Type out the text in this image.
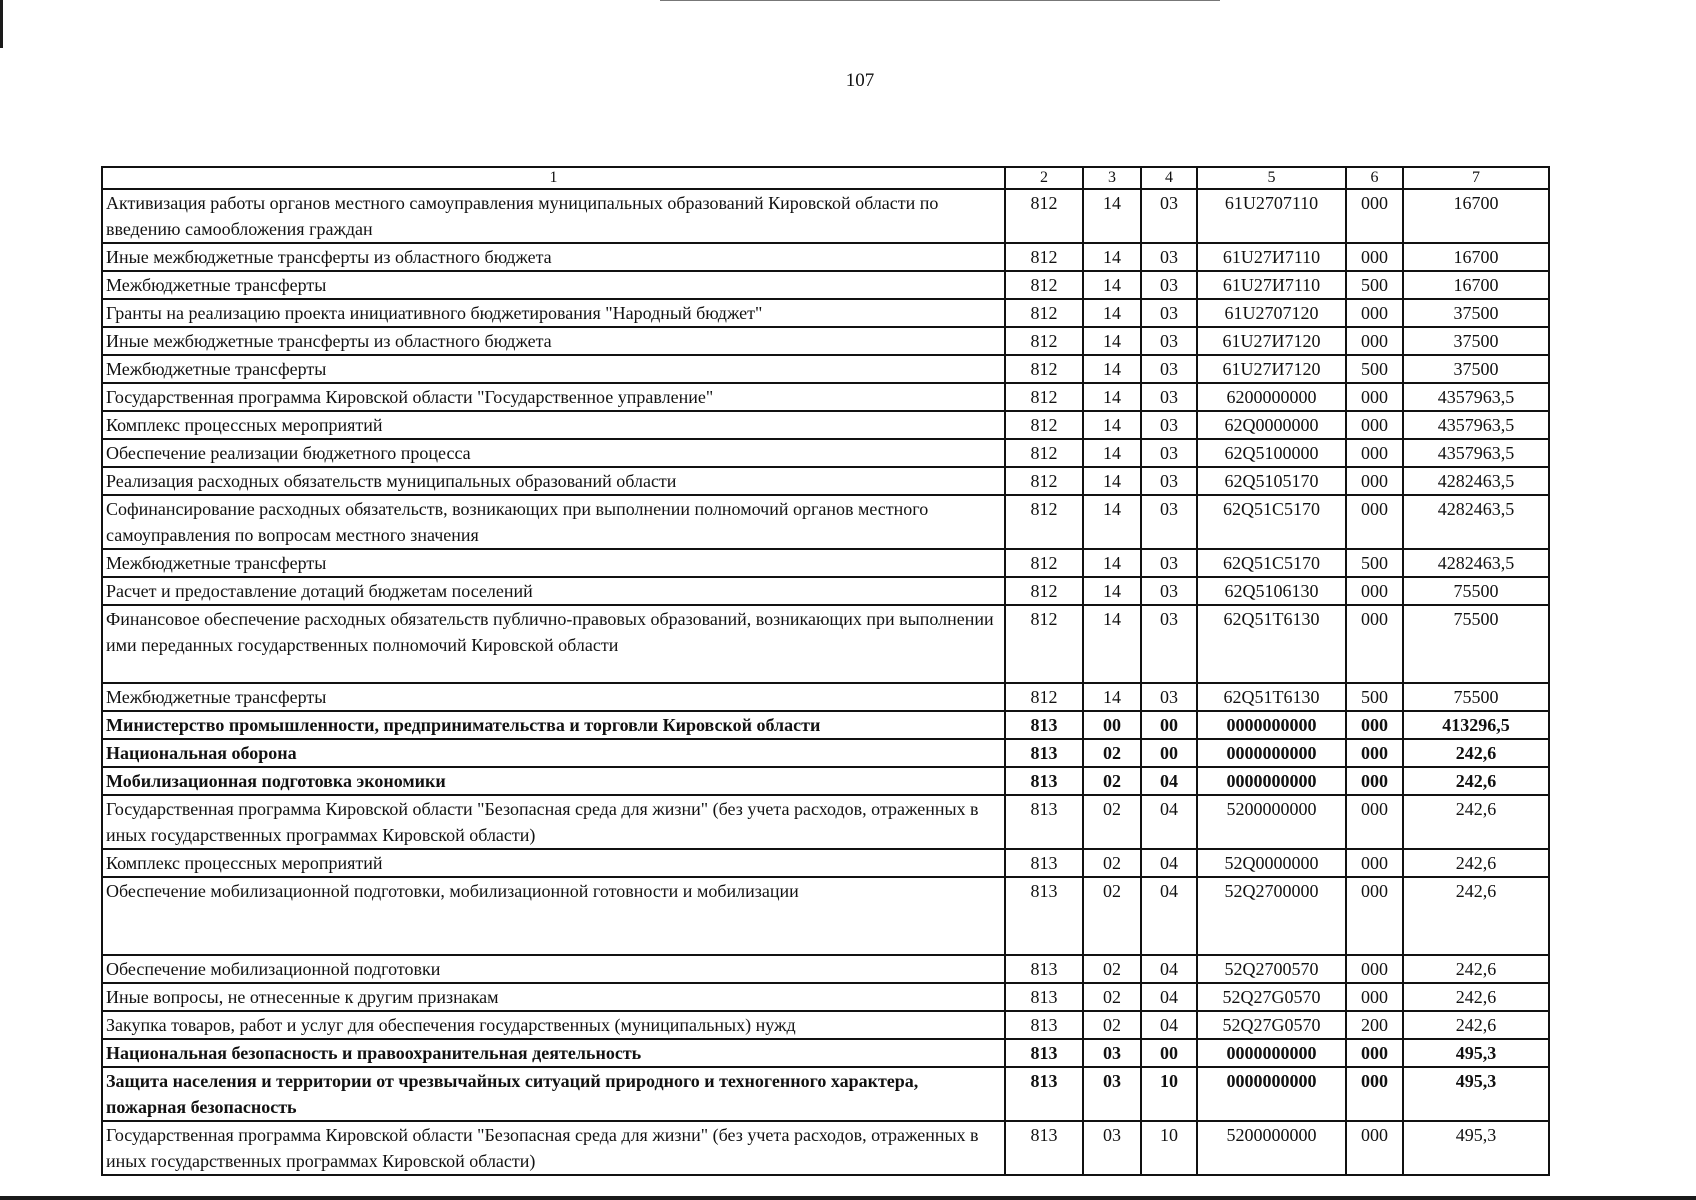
107
1	2	3	4	5	6	7
Активизация работы органов местного самоуправления муниципальных образований Кировской области по введению самообложения граждан	812	14	03	61U2707110	000	16700
Иные межбюджетные трансферты из областного бюджета	812	14	03	61U27И7110	000	16700
Межбюджетные трансферты	812	14	03	61U27И7110	500	16700
Гранты на реализацию проекта инициативного бюджетирования "Народный бюджет"	812	14	03	61U2707120	000	37500
Иные межбюджетные трансферты из областного бюджета	812	14	03	61U27И7120	000	37500
Межбюджетные трансферты	812	14	03	61U27И7120	500	37500
Государственная программа Кировской области "Государственное управление"	812	14	03	6200000000	000	4357963,5
Комплекс процессных мероприятий	812	14	03	62Q0000000	000	4357963,5
Обеспечение реализации бюджетного процесса	812	14	03	62Q5100000	000	4357963,5
Реализация расходных обязательств муниципальных образований области	812	14	03	62Q5105170	000	4282463,5
Софинансирование расходных обязательств, возникающих при выполнении полномочий органов местного самоуправления по вопросам местного значения	812	14	03	62Q51C5170	000	4282463,5
Межбюджетные трансферты	812	14	03	62Q51C5170	500	4282463,5
Расчет и предоставление дотаций бюджетам поселений	812	14	03	62Q5106130	000	75500
Финансовое обеспечение расходных обязательств публично-правовых образований, возникающих при выполнении ими переданных государственных полномочий Кировской области	812	14	03	62Q51T6130	000	75500
Межбюджетные трансферты	812	14	03	62Q51T6130	500	75500
Министерство промышленности, предпринимательства и торговли Кировской области	813	00	00	0000000000	000	413296,5
Национальная оборона	813	02	00	0000000000	000	242,6
Мобилизационная подготовка экономики	813	02	04	0000000000	000	242,6
Государственная программа Кировской области "Безопасная среда для жизни" (без учета расходов, отраженных в иных государственных программах Кировской области)	813	02	04	5200000000	000	242,6
Комплекс процессных мероприятий	813	02	04	52Q0000000	000	242,6
Обеспечение мобилизационной подготовки, мобилизационной готовности и мобилизации	813	02	04	52Q2700000	000	242,6
Обеспечение мобилизационной подготовки	813	02	04	52Q2700570	000	242,6
Иные вопросы, не отнесенные к другим признакам	813	02	04	52Q27G0570	000	242,6
Закупка товаров, работ и услуг для обеспечения государственных (муниципальных) нужд	813	02	04	52Q27G0570	200	242,6
Национальная безопасность и правоохранительная деятельность	813	03	00	0000000000	000	495,3
Защита населения и территории от чрезвычайных ситуаций природного и техногенного характера, пожарная безопасность	813	03	10	0000000000	000	495,3
Государственная программа Кировской области "Безопасная среда для жизни" (без учета расходов, отраженных в иных государственных программах Кировской области)	813	03	10	5200000000	000	495,3
